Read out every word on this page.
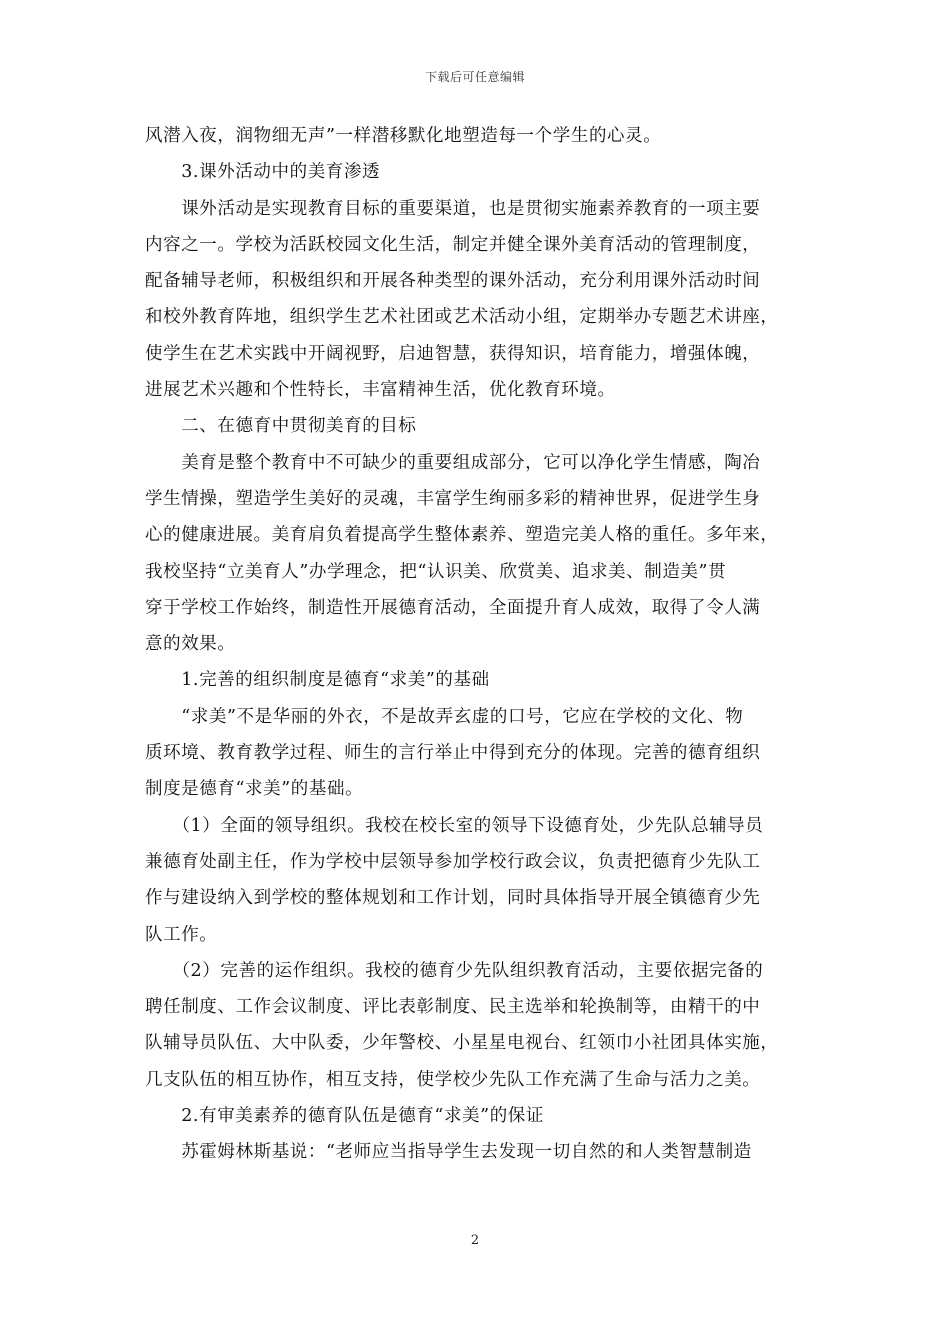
下载后可任意编辑

风潜入夜，润物细无声”一样潜移默化地塑造每一个学生的心灵。

　　3.课外活动中的美育渗透

　　课外活动是实现教育目标的重要渠道，也是贯彻实施素养教育的一项主要

内容之一。学校为活跃校园文化生活，制定并健全课外美育活动的管理制度，

配备辅导老师，积极组织和开展各种类型的课外活动，充分利用课外活动时间

和校外教育阵地，组织学生艺术社团或艺术活动小组，定期举办专题艺术讲座，

使学生在艺术实践中开阔视野，启迪智慧，获得知识，培育能力，增强体魄，

进展艺术兴趣和个性特长，丰富精神生活，优化教育环境。

　　二、在德育中贯彻美育的目标

　　美育是整个教育中不可缺少的重要组成部分，它可以净化学生情感，陶冶

学生情操，塑造学生美好的灵魂，丰富学生绚丽多彩的精神世界，促进学生身

心的健康进展。美育肩负着提高学生整体素养、塑造完美人格的重任。多年来，

我校坚持“立美育人”办学理念，把“认识美、欣赏美、追求美、制造美”贯

穿于学校工作始终，制造性开展德育活动，全面提升育人成效，取得了令人满

意的效果。

　　1.完善的组织制度是德育“求美”的基础

　　“求美”不是华丽的外衣，不是故弄玄虚的口号，它应在学校的文化、物

质环境、教育教学过程、师生的言行举止中得到充分的体现。完善的德育组织

制度是德育“求美”的基础。

　　（1）全面的领导组织。我校在校长室的领导下设德育处，少先队总辅导员

兼德育处副主任，作为学校中层领导参加学校行政会议，负责把德育少先队工

作与建设纳入到学校的整体规划和工作计划，同时具体指导开展全镇德育少先

队工作。

　　（2）完善的运作组织。我校的德育少先队组织教育活动，主要依据完备的

聘任制度、工作会议制度、评比表彰制度、民主选举和轮换制等，由精干的中

队辅导员队伍、大中队委，少年警校、小星星电视台、红领巾小社团具体实施，

几支队伍的相互协作，相互支持，使学校少先队工作充满了生命与活力之美。

　　2.有审美素养的德育队伍是德育“求美”的保证

　　苏霍姆林斯基说：“老师应当指导学生去发现一切自然的和人类智慧制造

2
